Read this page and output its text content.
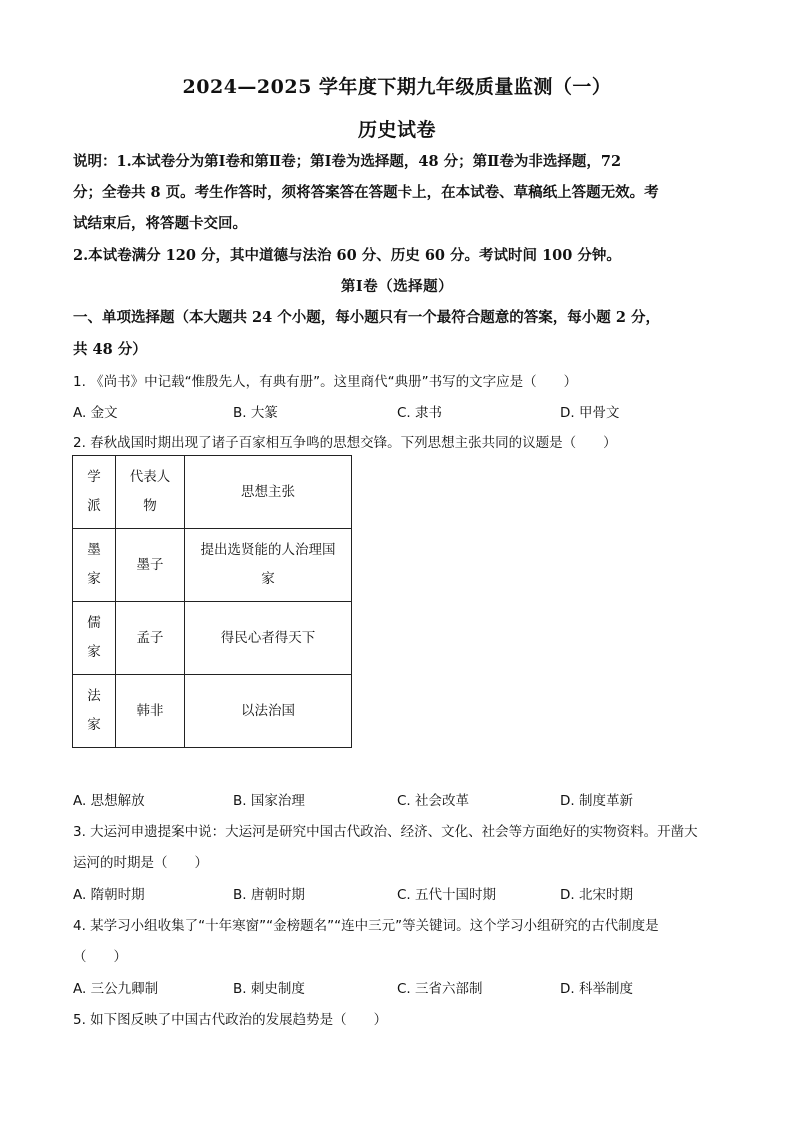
2024—2025 学年度下期九年级质量监测（一）
历史试卷
说明：1.本试卷分为第Ⅰ卷和第Ⅱ卷；第Ⅰ卷为选择题，48 分；第Ⅱ卷为非选择题，72
分；全卷共 8 页。考生作答时，须将答案答在答题卡上，在本试卷、草稿纸上答题无效。考
试结束后，将答题卡交回。
2.本试卷满分 120 分，其中道德与法治 60 分、历史 60 分。考试时间 100 分钟。
第Ⅰ卷（选择题）
一、单项选择题（本大题共 24 个小题，每小题只有一个最符合题意的答案，每小题 2 分，
共 48 分）
1. 《尚书》中记载“惟殷先人，有典有册”。这里商代“典册”书写的文字应是（　　）
A. 金文	B. 大篆	C. 隶书	D. 甲骨文
2. 春秋战国时期出现了诸子百家相互争鸣的思想交锋。下列思想主张共同的议题是（　　）
学派	代表人物	思想主张

墨家	墨子	提出选贤能的人治理国家

儒家	孟子	得民心者得天下

法家	韩非	以法治国
A. 思想解放	B. 国家治理	C. 社会改革	D. 制度革新
3. 大运河申遗提案中说：大运河是研究中国古代政治、经济、文化、社会等方面绝好的实物资料。开凿大
运河的时期是（　　）
A. 隋朝时期	B. 唐朝时期	C. 五代十国时期	D. 北宋时期
4. 某学习小组收集了“十年寒窗”“金榜题名”“连中三元”等关键词。这个学习小组研究的古代制度是
（　　）
A. 三公九卿制	B. 刺史制度	C. 三省六部制	D. 科举制度
5. 如下图反映了中国古代政治的发展趋势是（　　）
